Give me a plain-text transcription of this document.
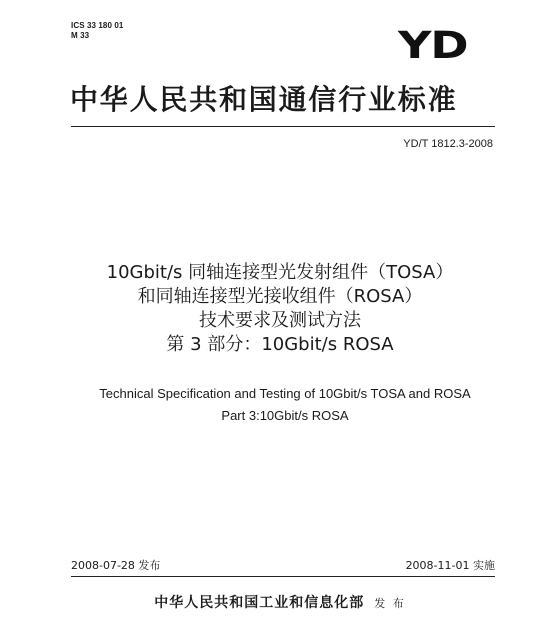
ICS 33 180 01
M 33	YD
中华人民共和国通信行业标准
YD/T 1812.3-2008
10Gbit/s 同轴连接型光发射组件（TOSA）
和同轴连接型光接收组件（ROSA）
技术要求及测试方法
第 3 部分：10Gbit/s ROSA
Technical Specification and Testing of 10Gbit/s TOSA and ROSA
Part 3:10Gbit/s ROSA
2008-07-28 发布	2008-11-01 实施
中华人民共和国工业和信息化部 发 布
